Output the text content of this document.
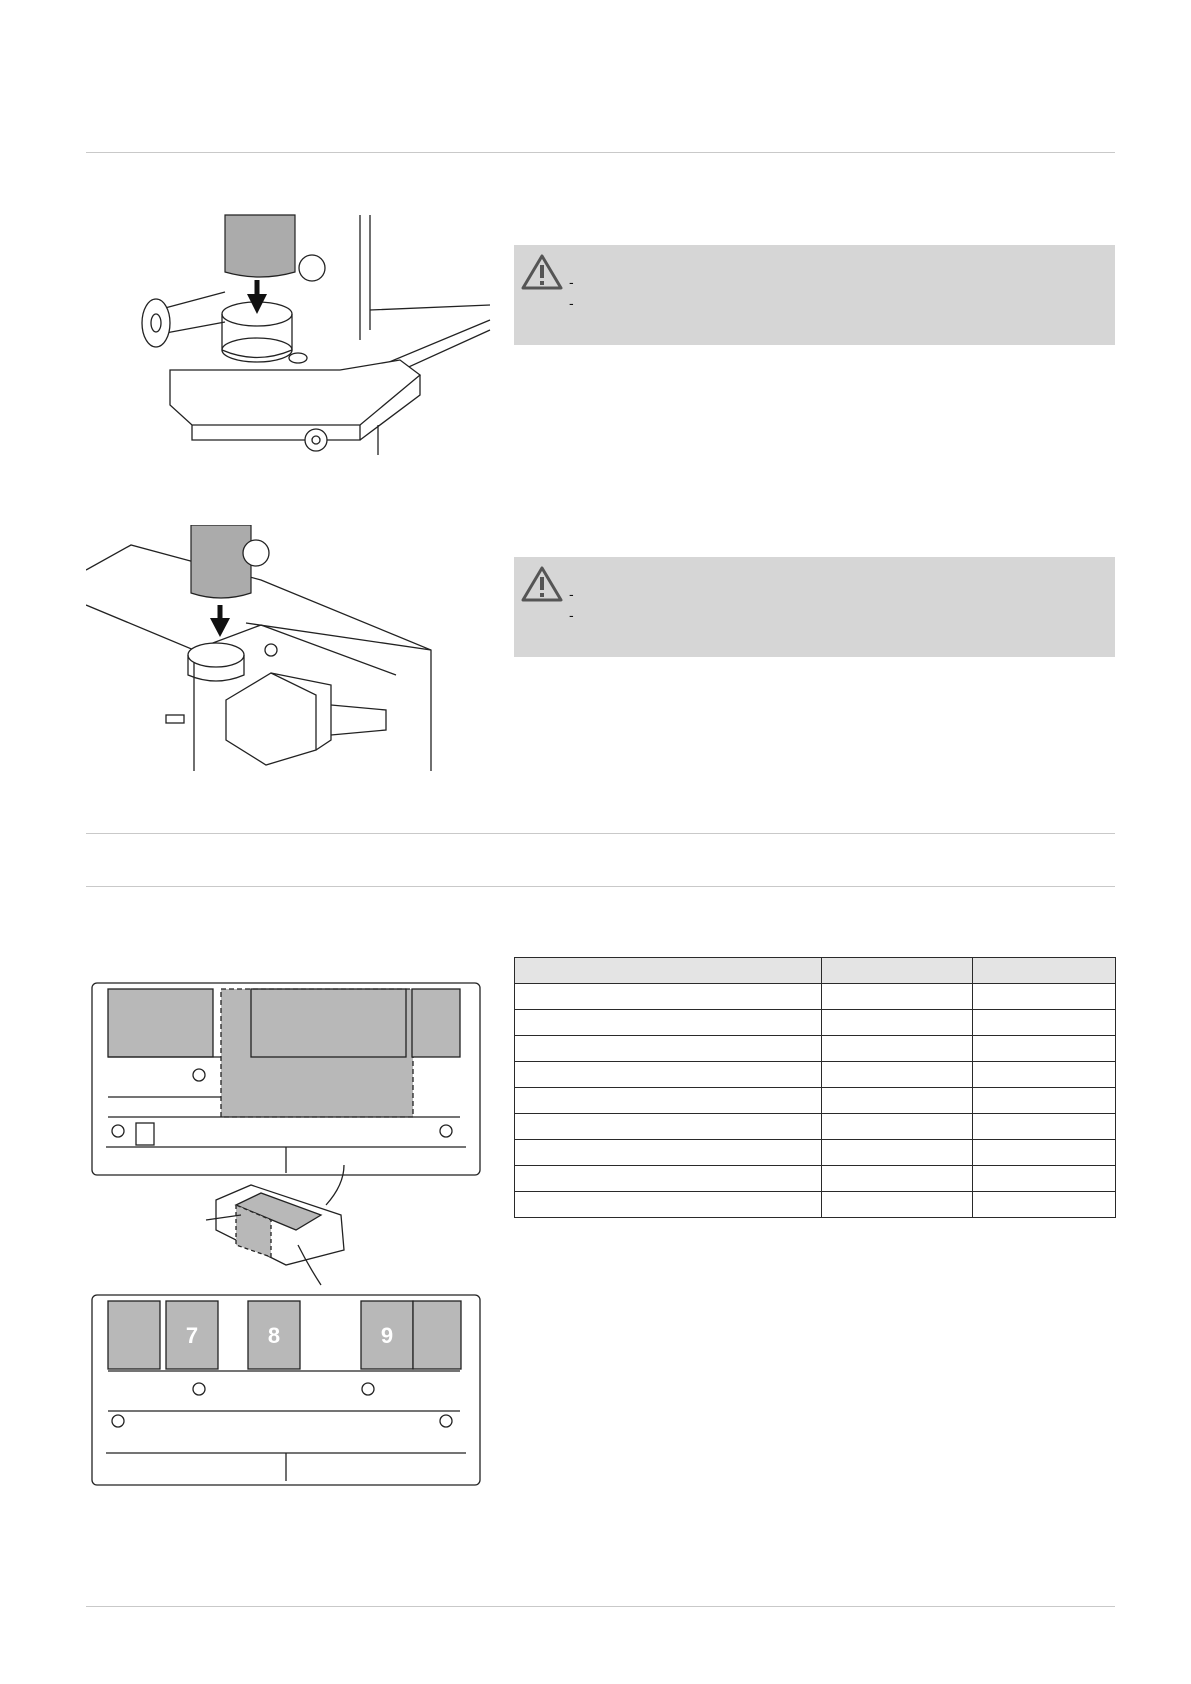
-
-
-
-
7	8	9
